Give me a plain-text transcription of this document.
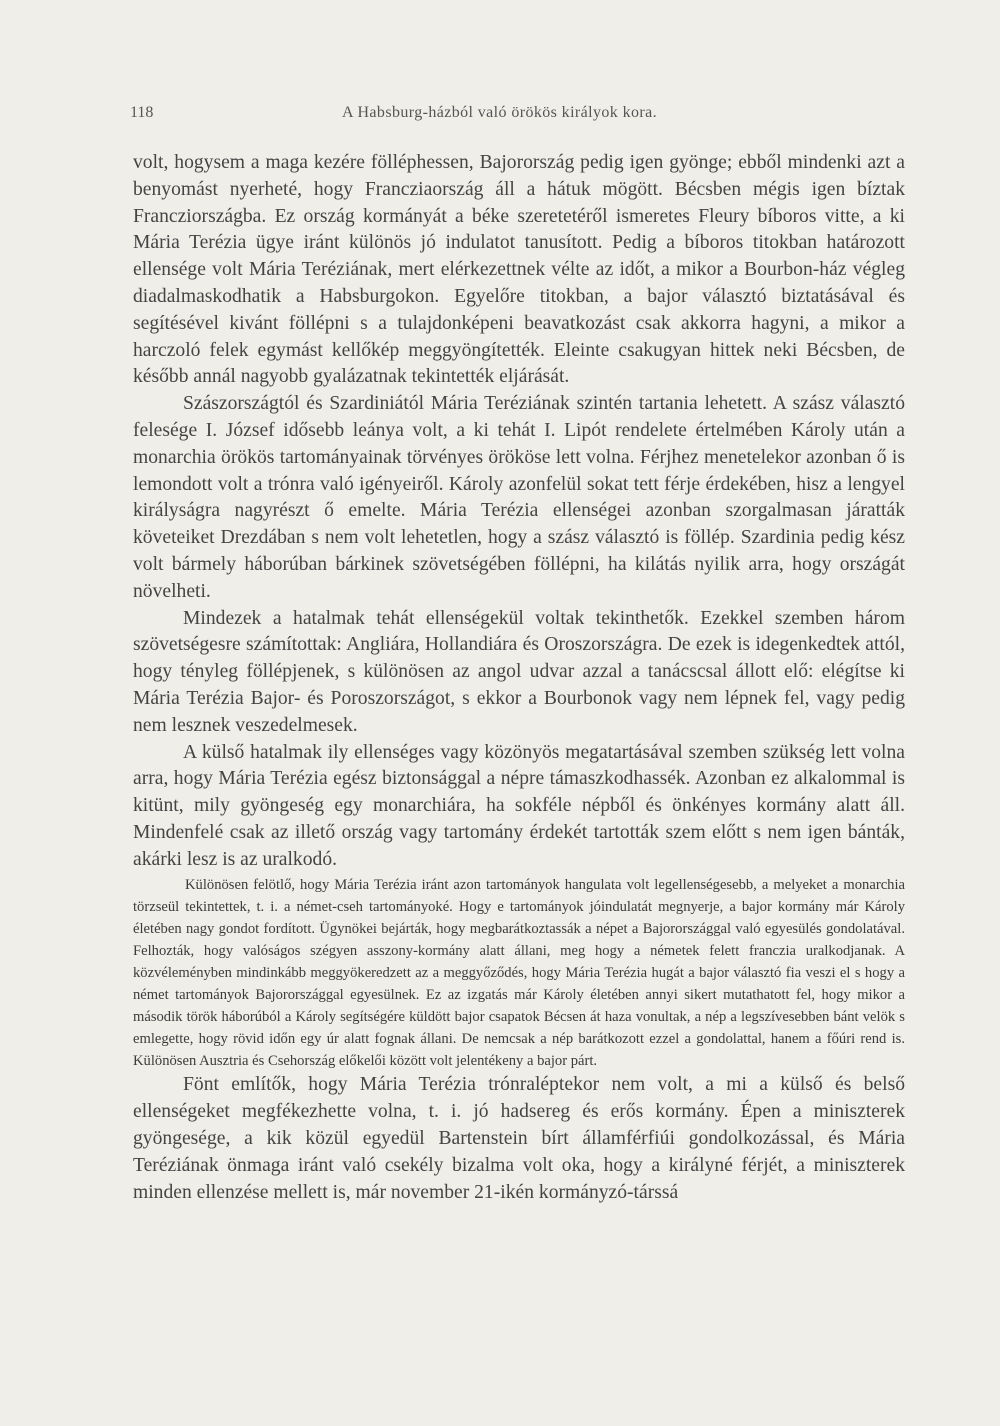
118	A Habsburg-házból való örökös királyok kora.

volt, hogysem a maga kezére fölléphessen, Bajorország pedig igen gyönge; ebből mindenki azt a benyomást nyerheté, hogy Francziaország áll a hátuk mögött. Bécsben mégis igen bíztak Francziországba. Ez ország kormányát a béke szeretetéről ismeretes Fleury bíboros vitte, a ki Mária Terézia ügye iránt különös jó indulatot tanusított. Pedig a bíboros titokban határozott ellensége volt Mária Teréziának, mert elérkezettnek vélte az időt, a mikor a Bourbon-ház végleg diadalmaskodhatik a Habsburgokon. Egyelőre titokban, a bajor választó biztatásával és segítésével kivánt föllépni s a tulajdonképeni beavatkozást csak akkorra hagyni, a mikor a harczoló felek egymást kellőkép meggyöngítették. Eleinte csakugyan hittek neki Bécsben, de később annál nagyobb gyalázatnak tekintették eljárását.

Szászországtól és Szardiniától Mária Teréziának szintén tartania lehetett. A szász választó felesége I. József idősebb leánya volt, a ki tehát I. Lipót rendelete értelmében Károly után a monarchia örökös tartományainak törvényes örököse lett volna. Férjhez menetelekor azonban ő is lemondott volt a trónra való igényeiről. Károly azonfelül sokat tett férje érdekében, hisz a lengyel királyságra nagyrészt ő emelte. Mária Terézia ellenségei azonban szorgalmasan járatták követeiket Drezdában s nem volt lehetetlen, hogy a szász választó is föllép. Szardinia pedig kész volt bármely háborúban bárkinek szövetségében föllépni, ha kilátás nyilik arra, hogy országát növelheti.

Mindezek a hatalmak tehát ellenségekül voltak tekinthetők. Ezekkel szemben három szövetségesre számítottak: Angliára, Hollandiára és Oroszországra. De ezek is idegenkedtek attól, hogy tényleg föllépjenek, s különösen az angol udvar azzal a tanácscsal állott elő: elégítse ki Mária Terézia Bajor- és Poroszországot, s ekkor a Bourbonok vagy nem lépnek fel, vagy pedig nem lesznek veszedelmesek.

A külső hatalmak ily ellenséges vagy közönyös megatartásával szemben szükség lett volna arra, hogy Mária Terézia egész biztonsággal a népre támaszkodhassék. Azonban ez alkalommal is kitünt, mily gyöngeség egy monarchiára, ha sokféle népből és önkényes kormány alatt áll. Mindenfelé csak az illető ország vagy tartomány érdekét tartották szem előtt s nem igen bánták, akárki lesz is az uralkodó.

Különösen felötlő, hogy Mária Terézia iránt azon tartományok hangulata volt legellenségesebb, a melyeket a monarchia törzseül tekintettek, t. i. a német-cseh tartományoké. Hogy e tartományok jóindulatát megnyerje, a bajor kormány már Károly életében nagy gondot fordított. Ügynökei bejárták, hogy megbarátkoztassák a népet a Bajorországgal való egyesülés gondolatával. Felhozták, hogy valóságos szégyen asszony-kormány alatt állani, meg hogy a németek felett franczia uralkodjanak. A közvéleményben mindinkább meggyökeredzett az a meggyőződés, hogy Mária Terézia hugát a bajor választó fia veszi el s hogy a német tartományok Bajorországgal egyesülnek. Ez az izgatás már Károly életében annyi sikert mutathatott fel, hogy mikor a második török háborúból a Károly segítségére küldött bajor csapatok Bécsen át haza vonultak, a nép a legszívesebben bánt velök s emlegette, hogy rövid időn egy úr alatt fognak állani. De nemcsak a nép barátkozott ezzel a gondolattal, hanem a főúri rend is. Különösen Ausztria és Csehország előkelői között volt jelentékeny a bajor párt.

Fönt említők, hogy Mária Terézia trónraléptekor nem volt, a mi a külső és belső ellenségeket megfékezhette volna, t. i. jó hadsereg és erős kormány. Épen a miniszterek gyöngesége, a kik közül egyedül Bartenstein bírt államférfiúi gondolkozással, és Mária Teréziának önmaga iránt való csekély bizalma volt oka, hogy a királyné férjét, a miniszterek minden ellenzése mellett is, már november 21-ikén kormányzó-társsá
